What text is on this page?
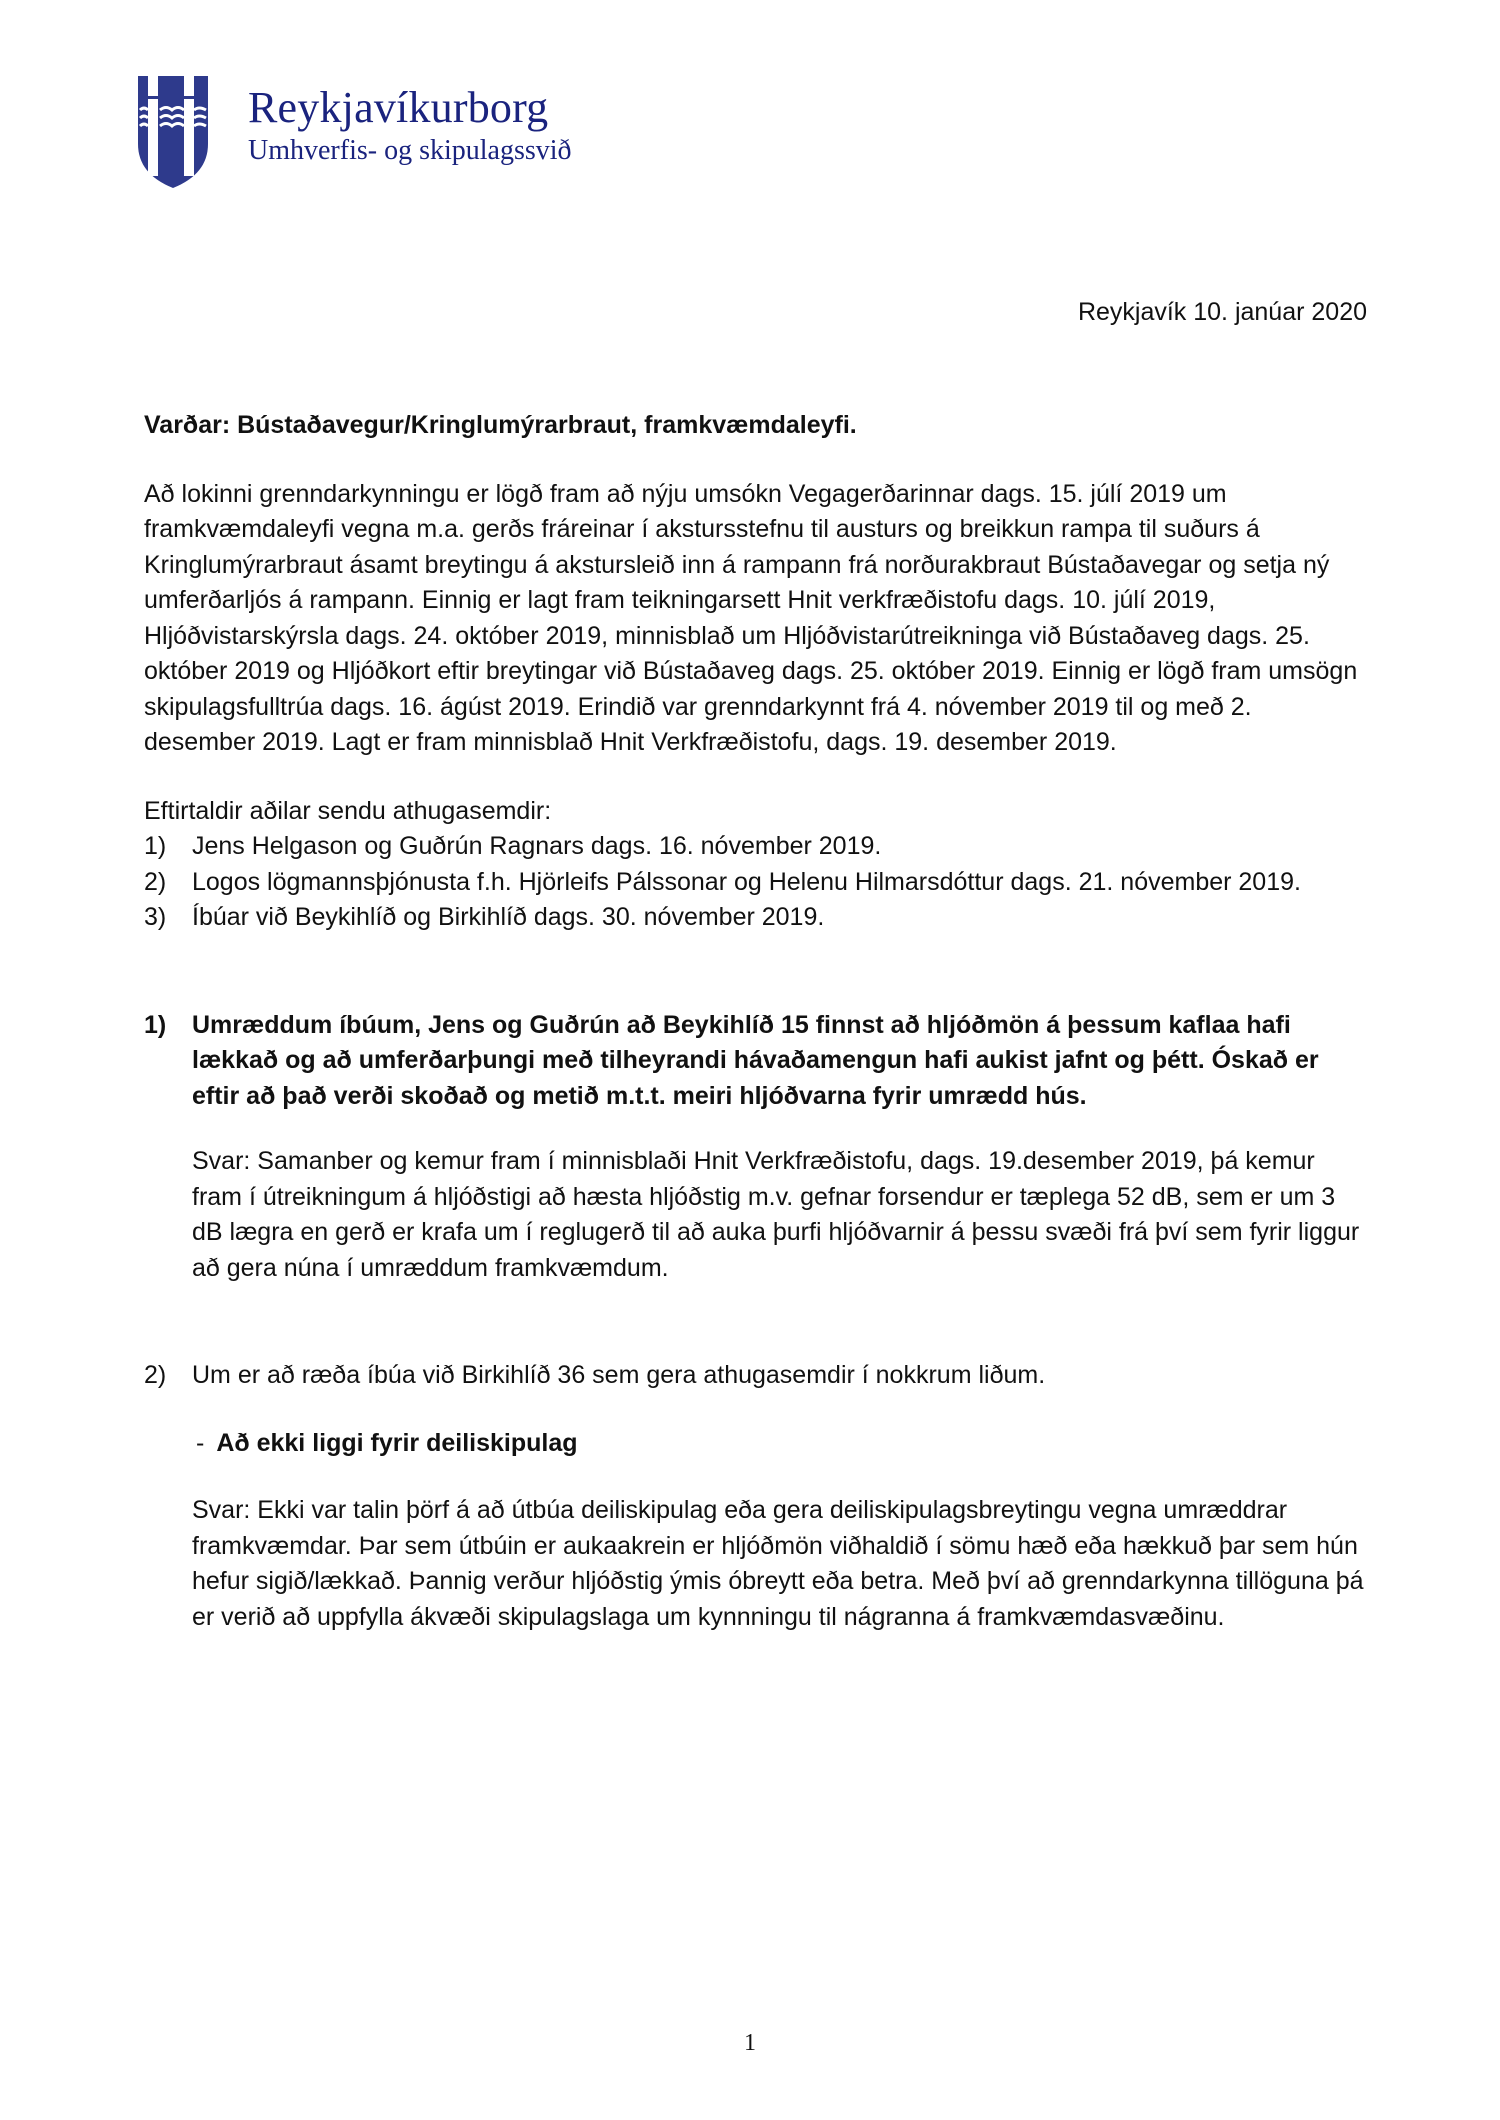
Reykjavíkurborg
Umhverfis- og skipulagssvið
Reykjavík 10. janúar 2020

Varðar: Bústaðavegur/Kringlumýrarbraut, framkvæmdaleyfi.

Að lokinni grenndarkynningu er lögð fram að nýju umsókn Vegagerðarinnar dags. 15. júlí 2019 um framkvæmdaleyfi vegna m.a. gerðs fráreinar í akstursstefnu til austurs og breikkun rampa til suðurs á Kringlumýrarbraut ásamt breytingu á akstursleið inn á rampann frá norðurakbraut Bústaðavegar og setja ný umferðarljós á rampann. Einnig er lagt fram teikningarsett Hnit verkfræðistofu dags. 10. júlí 2019, Hljóðvistarskýrsla dags. 24. október 2019, minnisblað um Hljóðvistarútreikninga við Bústaðaveg dags. 25. október 2019 og Hljóðkort eftir breytingar við Bústaðaveg dags. 25. október 2019. Einnig er lögð fram umsögn skipulagsfulltrúa dags. 16. ágúst 2019. Erindið var grenndarkynnt frá 4. nóvember 2019 til og með 2. desember 2019. Lagt er fram minnisblað Hnit Verkfræðistofu, dags. 19. desember 2019.

Eftirtaldir aðilar sendu athugasemdir:

1) Jens Helgason og Guðrún Ragnars dags. 16. nóvember 2019.
2) Logos lögmannsþjónusta f.h. Hjörleifs Pálssonar og Helenu Hilmarsdóttur dags. 21. nóvember 2019.
3) Íbúar við Beykihlíð og Birkihlíð dags. 30. nóvember 2019.
1) Umræddum íbúum, Jens og Guðrún að Beykihlíð 15 finnst að hljóðmön á þessum kaflaa hafi lækkað og að umferðarþungi með tilheyrandi hávaðamengun hafi aukist jafnt og þétt. Óskað er eftir að það verði skoðað og metið m.t.t. meiri hljóðvarna fyrir umrædd hús.

Svar: Samanber og kemur fram í minnisblaði Hnit Verkfræðistofu, dags. 19.desember 2019, þá kemur fram í útreikningum á hljóðstigi að hæsta hljóðstig m.v. gefnar forsendur er tæplega 52 dB, sem er um 3 dB lægra en gerð er krafa um í reglugerð til að auka þurfi hljóðvarnir á þessu svæði frá því sem fyrir liggur að gera núna í umræddum framkvæmdum.

2) Um er að ræða íbúa við Birkihlíð 36 sem gera athugasemdir í nokkrum liðum.

- Að ekki liggi fyrir deiliskipulag

Svar: Ekki var talin þörf á að útbúa deiliskipulag eða gera deiliskipulagsbreytingu vegna umræddrar framkvæmdar. Þar sem útbúin er aukaakrein er hljóðmön viðhaldið í sömu hæð eða hækkuð þar sem hún hefur sigið/lækkað. Þannig verður hljóðstig ýmis óbreytt eða betra. Með því að grenndarkynna tillöguna þá er verið að uppfylla ákvæði skipulagslaga um kynnningu til nágranna á framkvæmdasvæðinu.

1
